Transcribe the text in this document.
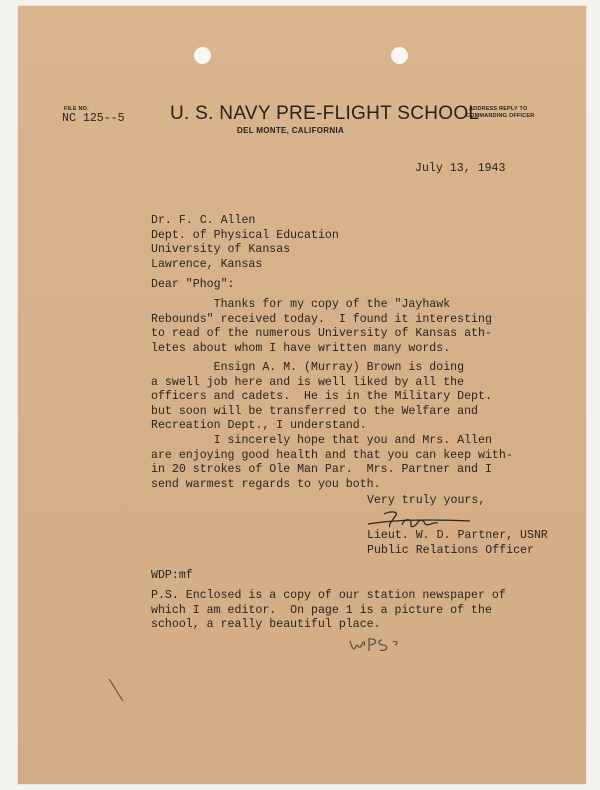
FILE NO.
NC 125--5 U. S. NAVY PRE-FLIGHT SCHOOL
DEL MONTE, CALIFORNIA
ADDRESS REPLY TO
COMMANDING OFFICER
July 13, 1943
Dr. F. C. Allen
Dept. of Physical Education
University of Kansas
Lawrence, Kansas
Dear "Phog":
Thanks for my copy of the "Jayhawk
Rebounds" received today.  I found it interesting
to read of the numerous University of Kansas ath-
letes about whom I have written many words.
Ensign A. M. (Murray) Brown is doing
a swell job here and is well liked by all the
officers and cadets.  He is in the Military Dept.
but soon will be transferred to the Welfare and
Recreation Dept., I understand.
I sincerely hope that you and Mrs. Allen
are enjoying good health and that you can keep with-
in 20 strokes of Ole Man Par.  Mrs. Partner and I
send warmest regards to you both.
Very truly yours,
Lieut. W. D. Partner, USNR
Public Relations Officer
WDP:mf
P.S. Enclosed is a copy of our station newspaper of
which I am editor.  On page 1 is a picture of the
school, a really beautiful place.
